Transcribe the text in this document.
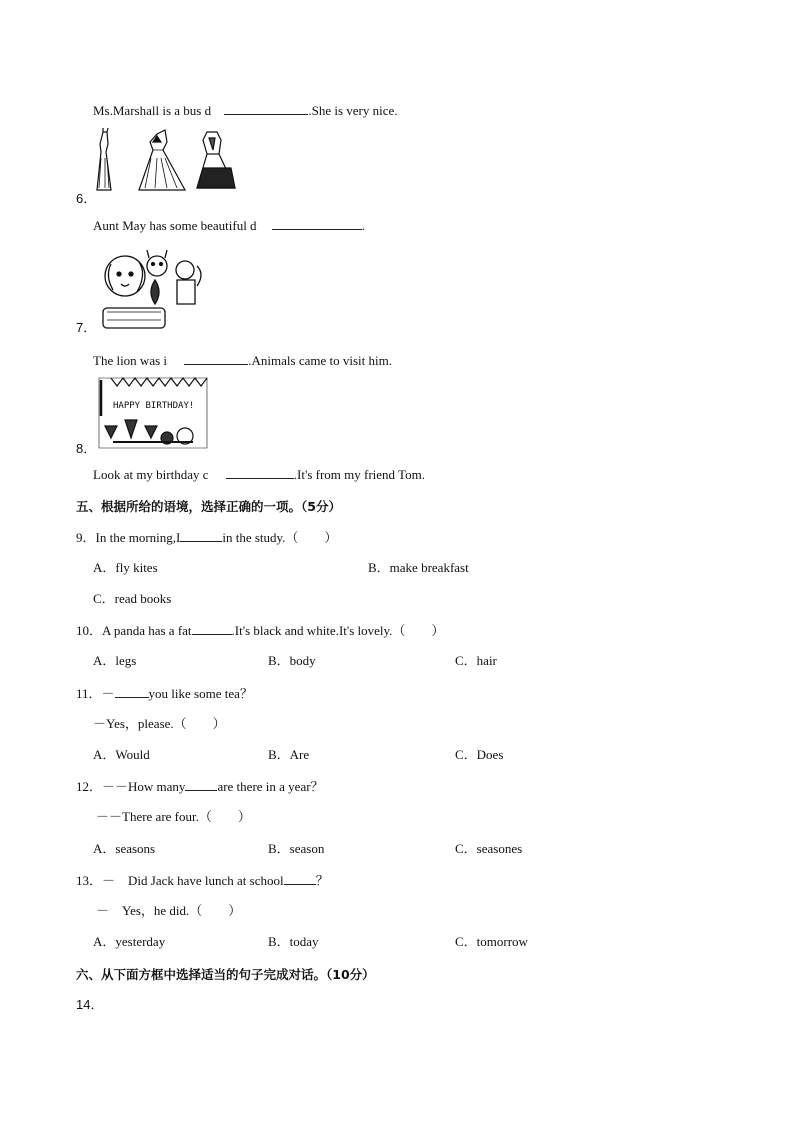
Ms.Marshall is a bus d	.She is very nice.
6．
Aunt May has some beautiful d	.
7．
The lion was i	.Animals came to visit him.
HAPPY BIRTHDAY!
8．
Look at my birthday c	.It's from my friend Tom.
五、根据所给的语境，选择正确的一项。（5分）
9．In the morning,I	in the study.（　　）
A．fly kites	B．make breakfast
C．read books
10．A panda has a fat	.It's black and white.It's lovely.（　　）
A．legs	B．body	C．hair
11．－	you like some tea？
－Yes，please.（　　）
A．Would	B．Are	C．Does
12．－－How many are there in a year？
－－There are four.（　　）
A．seasons	B．season	C．seasones
13．－　Did Jack have lunch at school ？
－　Yes，he did.（　　）
A．yesterday	B．today	C．tomorrow
六、从下面方框中选择适当的句子完成对话。（10分）
14．
